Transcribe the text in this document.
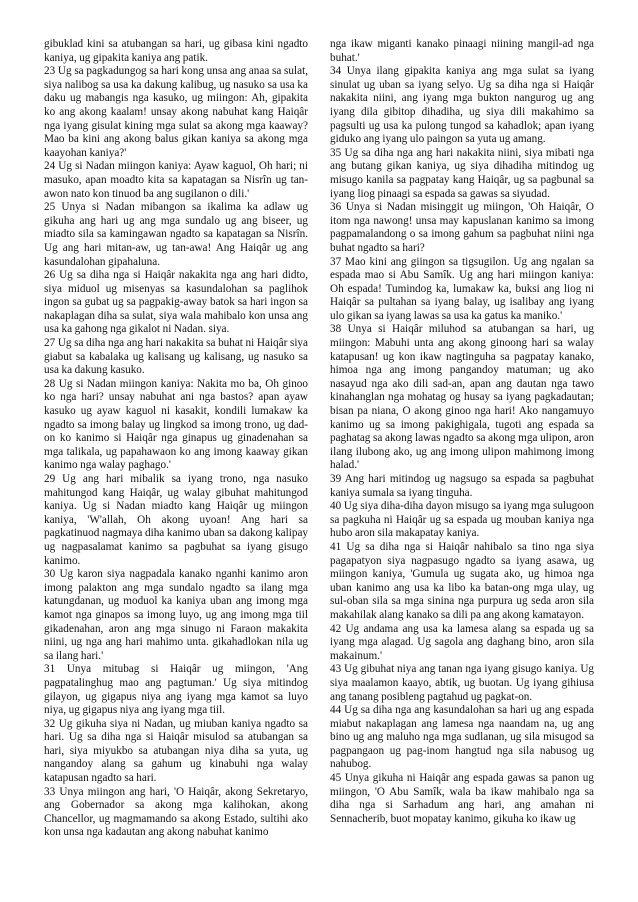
gibuklad kini sa atubangan sa hari, ug gibasa kini ngadto kaniya, ug gipakita kaniya ang patik.

23 Ug sa pagkadungog sa hari kong unsa ang anaa sa sulat, siya nalibog sa usa ka dakung kalibug, ug nasuko sa usa ka daku ug mabangis nga kasuko, ug miingon: Ah, gipakita ko ang akong kaalam! unsay akong nabuhat kang Haiqâr nga iyang gisulat kining mga sulat sa akong mga kaaway? Mao ba kini ang akong balus gikan kaniya sa akong mga kaayohan kaniya?'

24 Ug si Nadan miingon kaniya: Ayaw kaguol, Oh hari; ni masuko, apan moadto kita sa kapatagan sa Nisrîn ug tan-awon nato kon tinuod ba ang sugilanon o dili.'

25 Unya si Nadan mibangon sa ikalima ka adlaw ug gikuha ang hari ug ang mga sundalo ug ang biseer, ug miadto sila sa kamingawan ngadto sa kapatagan sa Nisrîn. Ug ang hari mitan-aw, ug tan-awa! Ang Haiqâr ug ang kasundalohan gipahaluna.

26 Ug sa diha nga si Haiqâr nakakita nga ang hari didto, siya miduol ug misenyas sa kasundalohan sa paglihok ingon sa gubat ug sa pagpakig-away batok sa hari ingon sa nakaplagan diha sa sulat, siya wala mahibalo kon unsa ang usa ka gahong nga gikalot ni Nadan. siya.

27 Ug sa diha nga ang hari nakakita sa buhat ni Haiqâr siya giabut sa kabalaka ug kalisang ug kalisang, ug nasuko sa usa ka dakung kasuko.

28 Ug si Nadan miingon kaniya: Nakita mo ba, Oh ginoo ko nga hari? unsay nabuhat ani nga bastos? apan ayaw kasuko ug ayaw kaguol ni kasakit, kondili lumakaw ka ngadto sa imong balay ug lingkod sa imong trono, ug dad-on ko kanimo si Haiqâr nga ginapus ug ginadenahan sa mga talikala, ug papahawaon ko ang imong kaaway gikan kanimo nga walay paghago.'

29 Ug ang hari mibalik sa iyang trono, nga nasuko mahitungod kang Haiqâr, ug walay gibuhat mahitungod kaniya. Ug si Nadan miadto kang Haiqâr ug miingon kaniya, 'W'allah, Oh akong uyoan! Ang hari sa pagkatinuod nagmaya diha kanimo uban sa dakong kalipay ug nagpasalamat kanimo sa pagbuhat sa iyang gisugo kanimo.

30 Ug karon siya nagpadala kanako nganhi kanimo aron imong palakton ang mga sundalo ngadto sa ilang mga katungdanan, ug moduol ka kaniya uban ang imong mga kamot nga ginapos sa imong luyo, ug ang imong mga tiil gikadenahan, aron ang mga sinugo ni Faraon makakita niini, ug nga ang hari mahimo unta. gikahadlokan nila ug sa ilang hari.'

31 Unya mitubag si Haiqâr ug miingon, 'Ang pagpatalinghug mao ang pagtuman.' Ug siya mitindog gilayon, ug gigapus niya ang iyang mga kamot sa luyo niya, ug gigapus niya ang iyang mga tiil.

32 Ug gikuha siya ni Nadan, ug miuban kaniya ngadto sa hari. Ug sa diha nga si Haiqâr misulod sa atubangan sa hari, siya miyukbo sa atubangan niya diha sa yuta, ug nangandoy alang sa gahum ug kinabuhi nga walay katapusan ngadto sa hari.

33 Unya miingon ang hari, 'O Haiqâr, akong Sekretaryo, ang Gobernador sa akong mga kalihokan, akong Chancellor, ug magmamando sa akong Estado, sultihi ako kon unsa nga kadautan ang akong nabuhat kanimo

nga ikaw miganti kanako pinaagi niining mangil-ad nga buhat.'

34 Unya ilang gipakita kaniya ang mga sulat sa iyang sinulat ug uban sa iyang selyo. Ug sa diha nga si Haiqâr nakakita niini, ang iyang mga bukton nangurog ug ang iyang dila gibitop dihadiha, ug siya dili makahimo sa pagsulti ug usa ka pulong tungod sa kahadlok; apan iyang giduko ang iyang ulo paingon sa yuta ug amang.

35 Ug sa diha nga ang hari nakakita niini, siya mibati nga ang butang gikan kaniya, ug siya dihadiha mitindog ug misugo kanila sa pagpatay kang Haiqâr, ug sa pagbunal sa iyang liog pinaagi sa espada sa gawas sa siyudad.

36 Unya si Nadan misinggit ug miingon, 'Oh Haiqâr, O itom nga nawong! unsa may kapuslanan kanimo sa imong pagpamalandong o sa imong gahum sa pagbuhat niini nga buhat ngadto sa hari?

37 Mao kini ang giingon sa tigsugilon. Ug ang ngalan sa espada mao si Abu Samîk. Ug ang hari miingon kaniya: Oh espada! Tumindog ka, lumakaw ka, buksi ang liog ni Haiqâr sa pultahan sa iyang balay, ug isalibay ang iyang ulo gikan sa iyang lawas sa usa ka gatus ka maniko.'

38 Unya si Haiqâr miluhod sa atubangan sa hari, ug miingon: Mabuhi unta ang akong ginoong hari sa walay katapusan! ug kon ikaw nagtinguha sa pagpatay kanako, himoa nga ang imong pangandoy matuman; ug ako nasayud nga ako dili sad-an, apan ang dautan nga tawo kinahanglan nga mohatag og husay sa iyang pagkadautan; bisan pa niana, O akong ginoo nga hari! Ako nangamuyo kanimo ug sa imong pakighigala, tugoti ang espada sa paghatag sa akong lawas ngadto sa akong mga ulipon, aron ilang ilubong ako, ug ang imong ulipon mahimong imong halad.'

39 Ang hari mitindog ug nagsugo sa espada sa pagbuhat kaniya sumala sa iyang tinguha.

40 Ug siya diha-diha dayon misugo sa iyang mga sulugoon sa pagkuha ni Haiqâr ug sa espada ug mouban kaniya nga hubo aron sila makapatay kaniya.

41 Ug sa diha nga si Haiqâr nahibalo sa tino nga siya pagapatyon siya nagpasugo ngadto sa iyang asawa, ug miingon kaniya, 'Gumula ug sugata ako, ug himoa nga uban kanimo ang usa ka libo ka batan-ong mga ulay, ug sul-oban sila sa mga sinina nga purpura ug seda aron sila makahilak alang kanako sa dili pa ang akong kamatayon.

42 Ug andama ang usa ka lamesa alang sa espada ug sa iyang mga alagad. Ug sagola ang daghang bino, aron sila makainum.'

43 Ug gibuhat niya ang tanan nga iyang gisugo kaniya. Ug siya maalamon kaayo, abtik, ug buotan. Ug iyang gihiusa ang tanang posibleng pagtahud ug pagkat-on.

44 Ug sa diha nga ang kasundalohan sa hari ug ang espada miabut nakaplagan ang lamesa nga naandam na, ug ang bino ug ang maluho nga mga sudlanan, ug sila misugod sa pagpangaon ug pag-inom hangtud nga sila nabusog ug nahubog.

45 Unya gikuha ni Haiqâr ang espada gawas sa panon ug miingon, 'O Abu Samîk, wala ba ikaw mahibalo nga sa diha nga si Sarhadum ang hari, ang amahan ni Sennacherib, buot mopatay kanimo, gikuha ko ikaw ug
